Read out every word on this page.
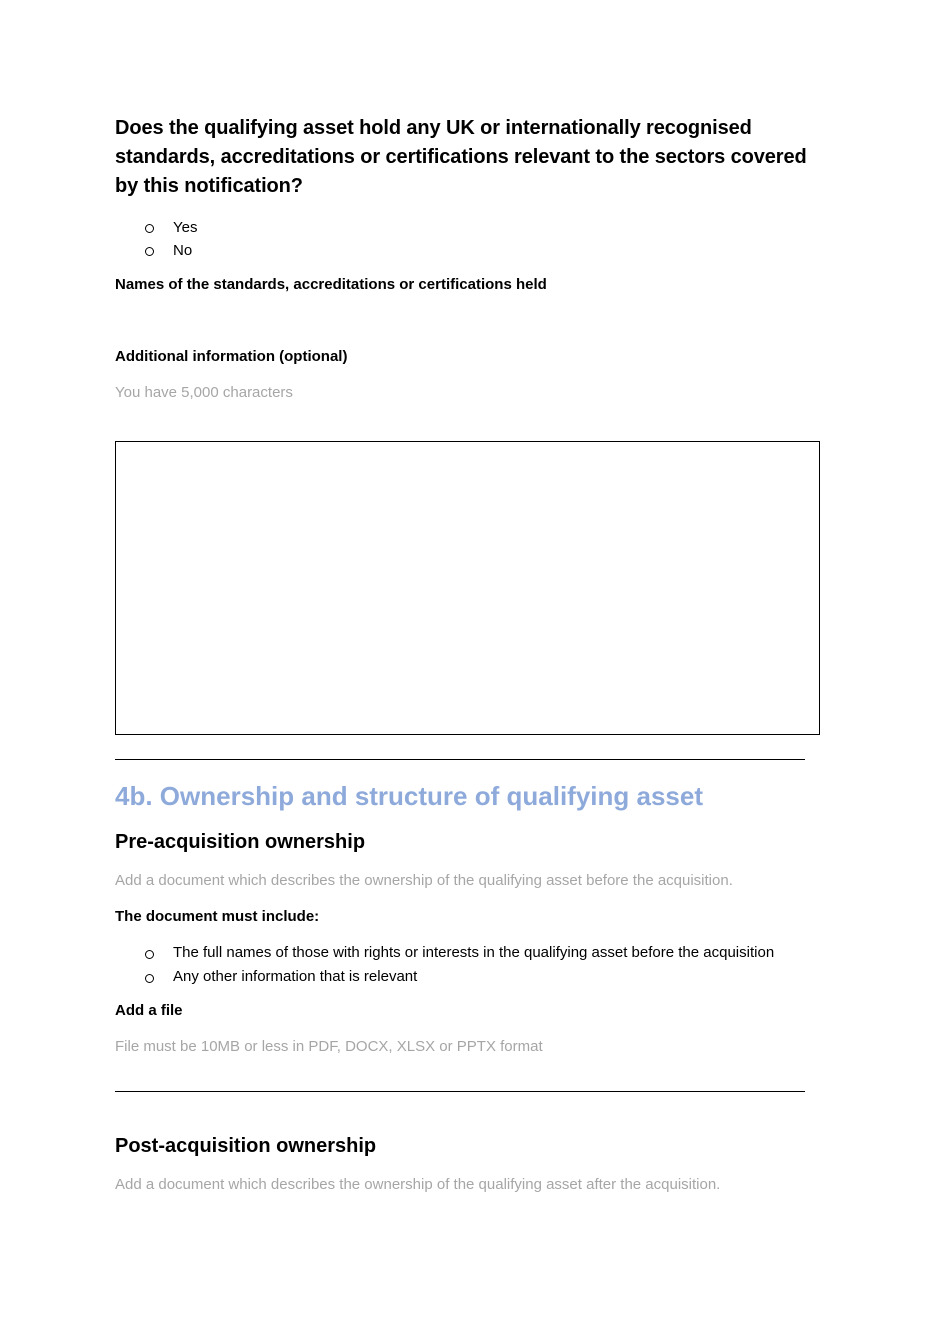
Does the qualifying asset hold any UK or internationally recognised standards, accreditations or certifications relevant to the sectors covered by this notification?
Yes
No
Names of the standards, accreditations or certifications held
Additional information (optional)
You have 5,000 characters
4b. Ownership and structure of qualifying asset
Pre-acquisition ownership
Add a document which describes the ownership of the qualifying asset before the acquisition.
The document must include:
The full names of those with rights or interests in the qualifying asset before the acquisition
Any other information that is relevant
Add a file
File must be 10MB or less in PDF, DOCX, XLSX or PPTX format
Post-acquisition ownership
Add a document which describes the ownership of the qualifying asset after the acquisition.
